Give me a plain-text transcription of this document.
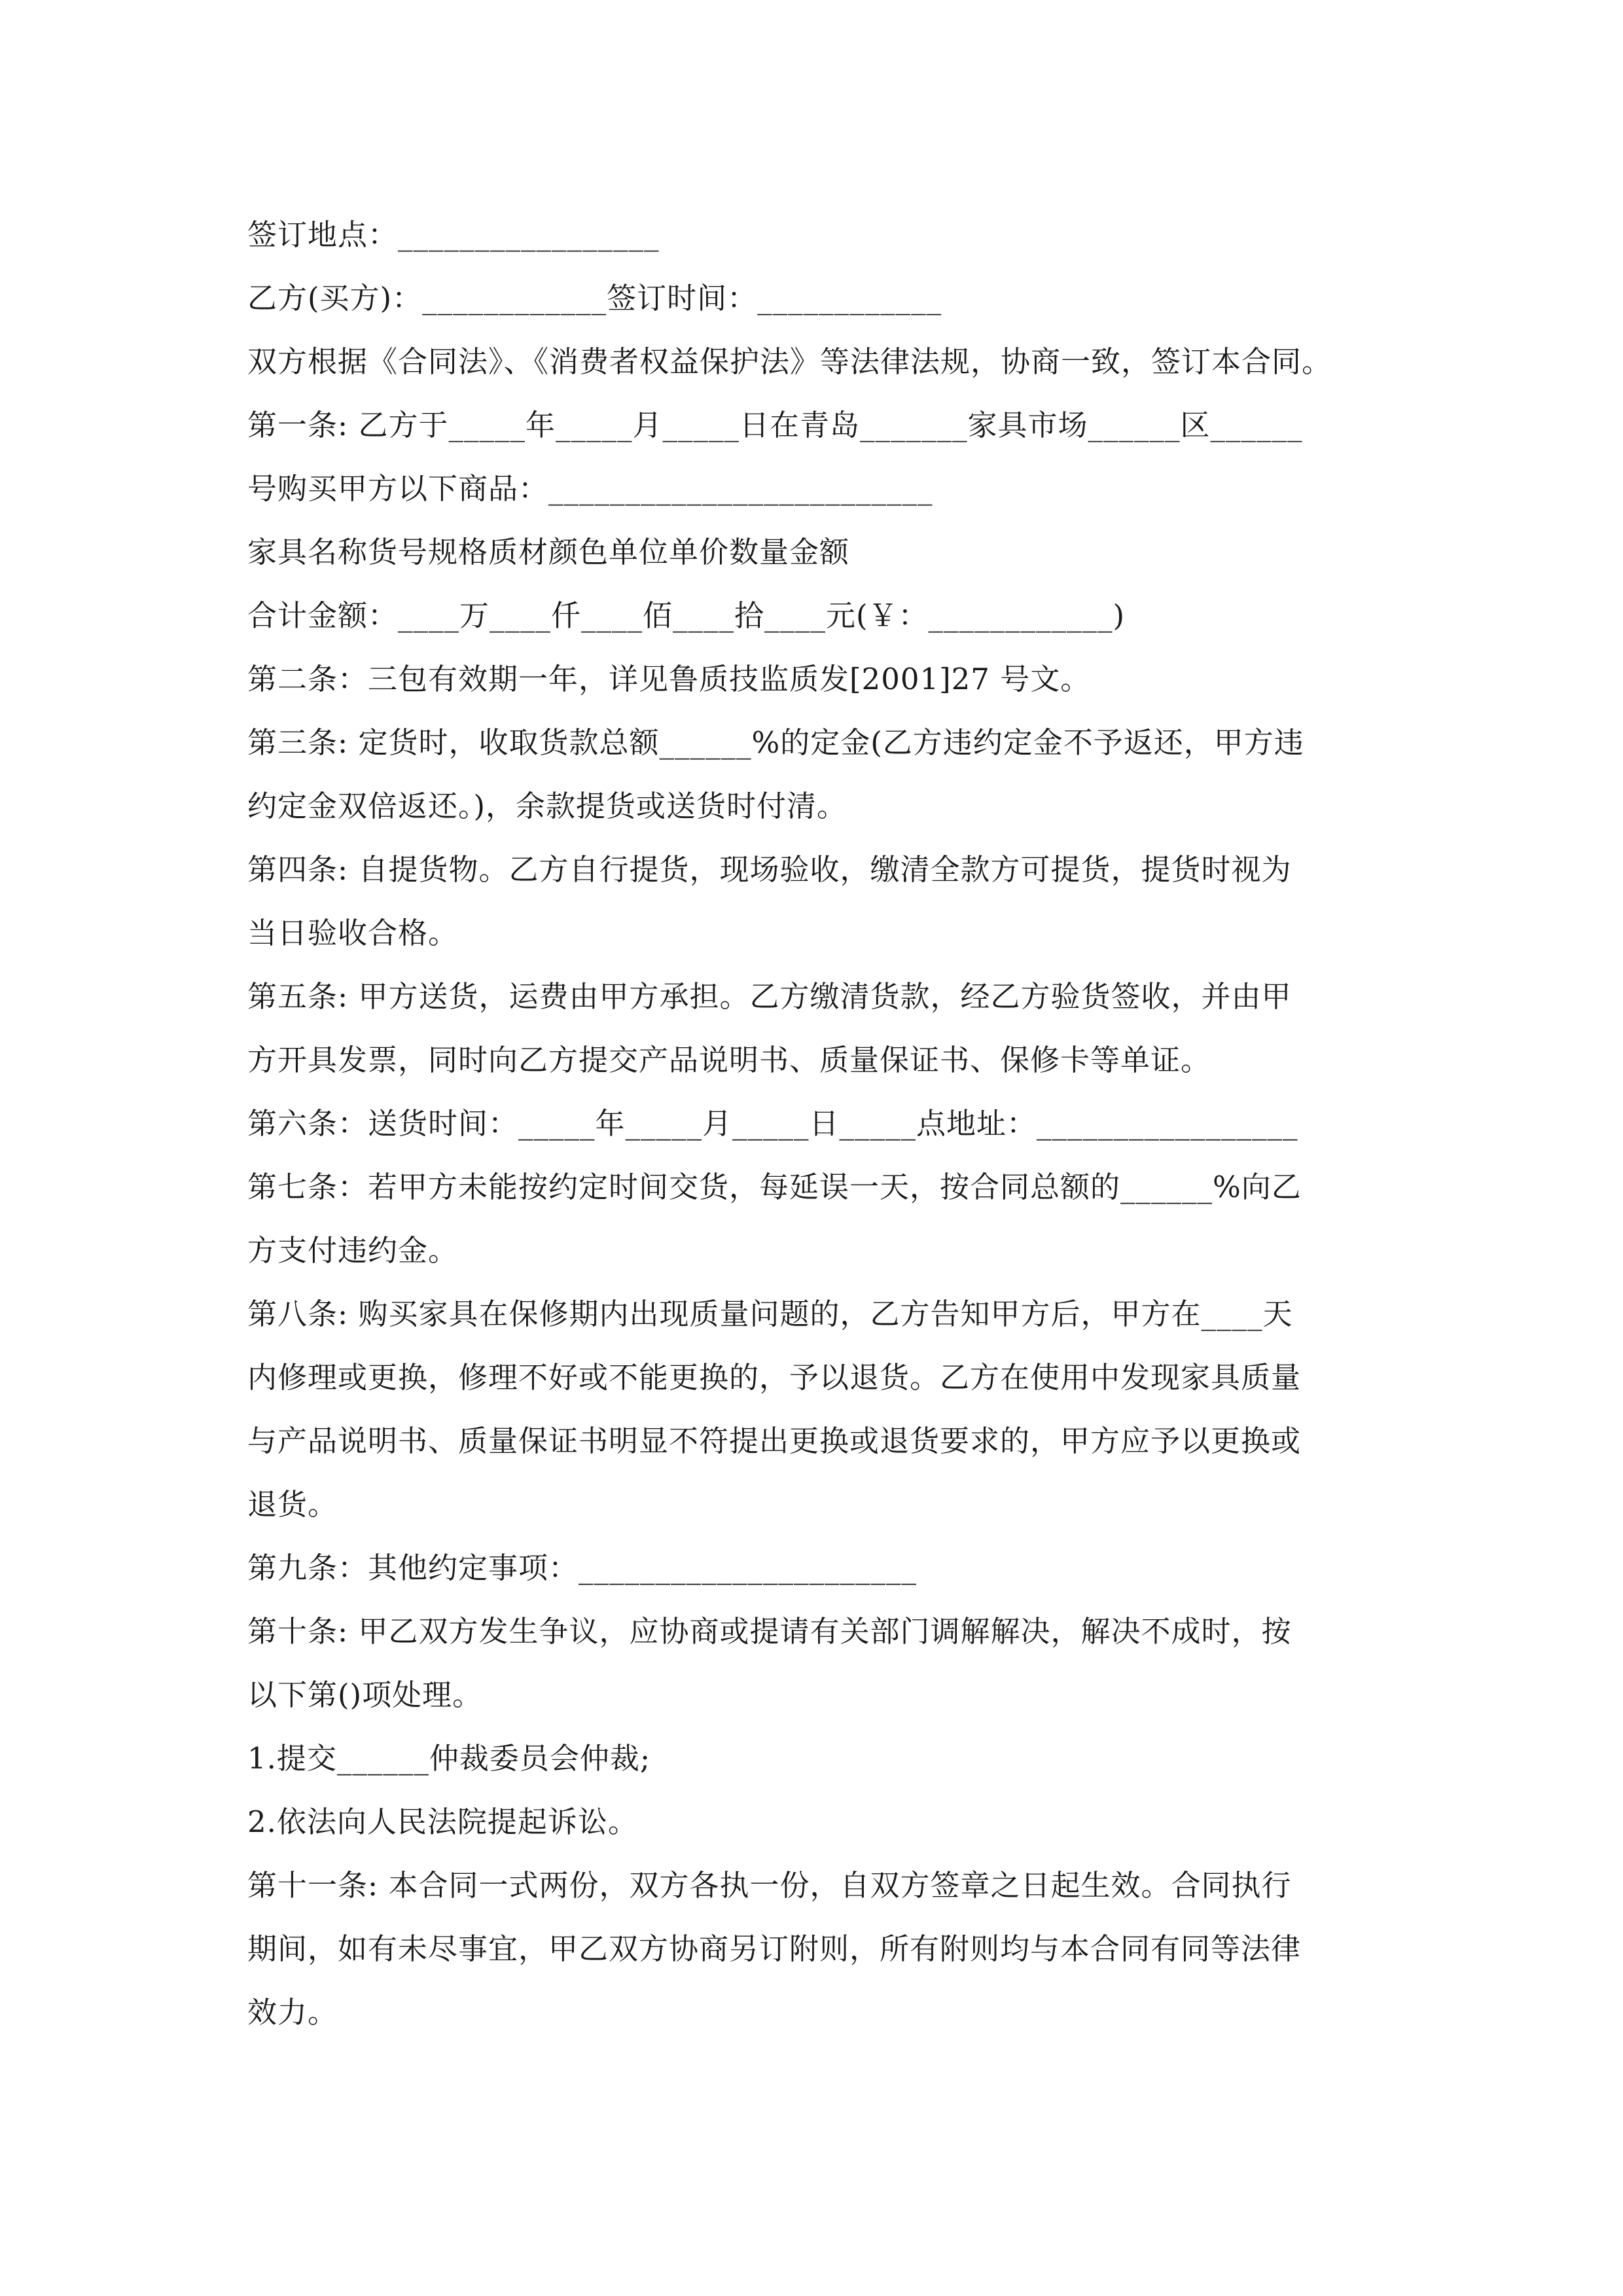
签订地点：_________________
乙方(买方)：____________签订时间：____________
双方根据《合同法》、《消费者权益保护法》等法律法规，协商一致，签订本合同。
第一条: 乙方于_____年_____月_____日在青岛_______家具市场______区______
号购买甲方以下商品：_________________________
家具名称货号规格质材颜色单位单价数量金额
合计金额：____万____仟____佰____拾____元(￥：____________)
第二条：三包有效期一年，详见鲁质技监质发[2001]27 号文。
第三条: 定货时，收取货款总额______%的定金(乙方违约定金不予返还，甲方违
约定金双倍返还。)，余款提货或送货时付清。
第四条: 自提货物。乙方自行提货，现场验收，缴清全款方可提货，提货时视为
当日验收合格。
第五条: 甲方送货，运费由甲方承担。乙方缴清货款，经乙方验货签收，并由甲
方开具发票，同时向乙方提交产品说明书、质量保证书、保修卡等单证。
第六条：送货时间：_____年_____月_____日_____点地址：_________________
第七条：若甲方未能按约定时间交货，每延误一天，按合同总额的______%向乙
方支付违约金。
第八条: 购买家具在保修期内出现质量问题的，乙方告知甲方后，甲方在____天
内修理或更换，修理不好或不能更换的，予以退货。乙方在使用中发现家具质量
与产品说明书、质量保证书明显不符提出更换或退货要求的，甲方应予以更换或
退货。
第九条：其他约定事项：______________________
第十条: 甲乙双方发生争议，应协商或提请有关部门调解解决，解决不成时，按
以下第()项处理。
1.提交______仲裁委员会仲裁;
2.依法向人民法院提起诉讼。
第十一条: 本合同一式两份，双方各执一份，自双方签章之日起生效。合同执行
期间，如有未尽事宜，甲乙双方协商另订附则，所有附则均与本合同有同等法律
效力。
